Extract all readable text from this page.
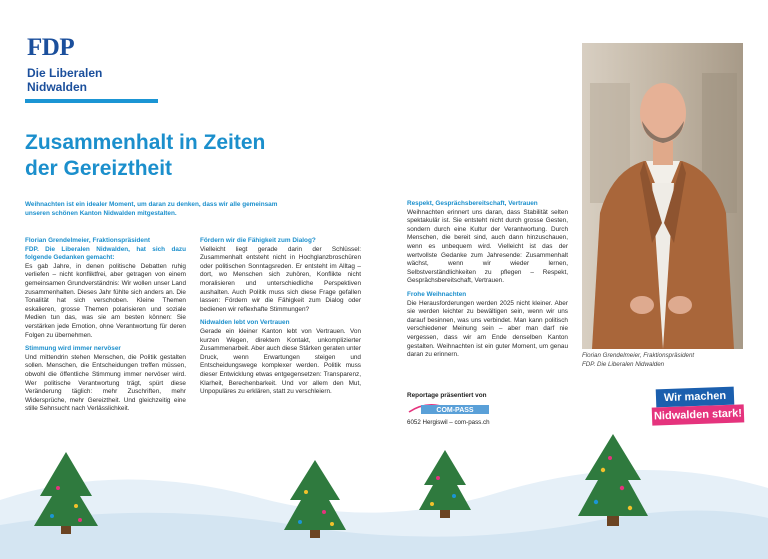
FDP
Die Liberalen
Nidwalden
Zusammenhalt in Zeiten
der Gereiztheit
Weihnachten ist ein idealer Moment, um daran zu denken, dass wir alle gemeinsam
unseren schönen Kanton Nidwalden mitgestalten.

Florian Grendelmeier, Fraktionspräsident

FDP. Die Liberalen Nidwalden, hat sich dazu folgende Gedanken gemacht:

Es gab Jahre, in denen politische Debatten ruhig verliefen – nicht konfliktfrei, aber getragen von einem gemeinsamen Grundverständnis: Wir wollen unser Land zusammenhalten. Dieses Jahr fühlte sich anders an. Die Tonalität hat sich verschoben. Kleine Themen eskalieren, grosse Themen polarisieren und soziale Medien tun das, was sie am besten können: Sie verstärken jede Emotion, ohne Verantwortung für deren Folgen zu übernehmen.

Stimmung wird immer nervöser

Und mittendrin stehen Menschen, die Politik gestalten sollen. Menschen, die Entscheidungen treffen müssen, obwohl die öffentliche Stimmung immer nervöser wird. Wer politische Verantwortung trägt, spürt diese Veränderung täglich: mehr Zuschriften, mehr Widersprüche, mehr Gereiztheit. Und gleichzeitig eine stille Sehnsucht nach Verlässlichkeit.

Fördern wir die Fähigkeit zum Dialog?

Vielleicht liegt gerade darin der Schlüssel: Zusammenhalt entsteht nicht in Hochglanzbroschüren oder politischen Sonntagsreden. Er entsteht im Alltag – dort, wo Menschen sich zuhören, Konflikte nicht moralisieren und unterschiedliche Perspektiven aushalten. Auch Politik muss sich diese Frage gefallen lassen: Fördern wir die Fähigkeit zum Dialog oder bedienen wir reflexhafte Stimmungen?

Nidwalden lebt von Vertrauen

Gerade ein kleiner Kanton lebt von Vertrauen. Von kurzen Wegen, direktem Kontakt, unkomplizierter Zusammenarbeit. Aber auch diese Stärken geraten unter Druck, wenn Erwartungen steigen und Entscheidungswege komplexer werden. Politik muss dieser Entwicklung etwas entgegensetzen: Transparenz, Klarheit, Berechenbarkeit. Und vor allem den Mut, Unpopuläres zu erklären, statt zu verschleiern.

Respekt, Gesprächsbereitschaft, Vertrauen

Weihnachten erinnert uns daran, dass Stabilität selten spektakulär ist. Sie entsteht nicht durch grosse Gesten, sondern durch eine Kultur der Verantwortung. Durch Menschen, die bereit sind, auch dann hinzuschauen, wenn es unbequem wird. Vielleicht ist das der wertvollste Gedanke zum Jahresende: Zusammenhalt wächst, wenn wir wieder lernen, Selbstverständlichkeiten zu pflegen – Respekt, Gesprächsbereitschaft, Vertrauen.

Frohe Weihnachten

Die Herausforderungen werden 2025 nicht kleiner. Aber sie werden leichter zu bewältigen sein, wenn wir uns darauf besinnen, was uns verbindet. Man kann politisch verschiedener Meinung sein – aber man darf nie vergessen, dass wir am Ende denselben Kanton gestalten. Weihnachten ist ein guter Moment, um genau daran zu erinnern.

Reportage präsentiert von
COM-PASS
6052 Hergiswil – com-pass.ch
Florian Grendelmeier, Fraktionspräsident
FDP. Die Liberalen Nidwalden
Wir machen
Nidwalden stark!
